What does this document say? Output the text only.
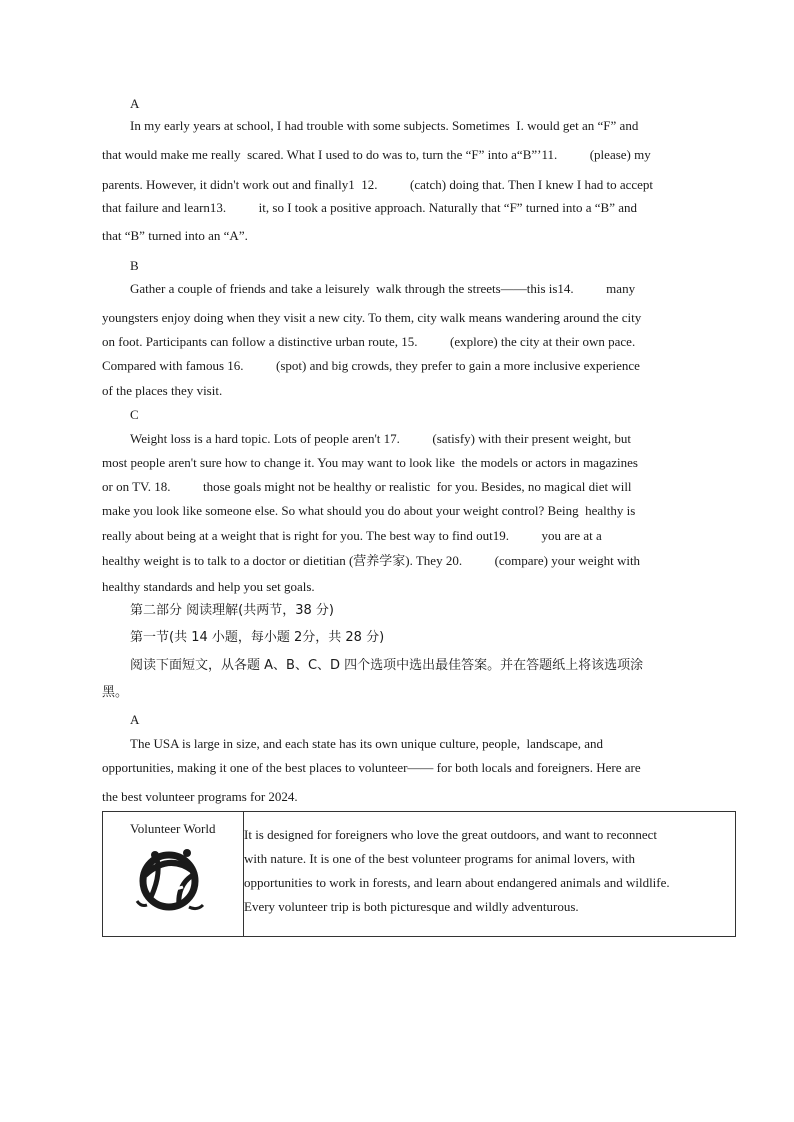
A
In my early years at school, I had trouble with some subjects. Sometimes  I. would get an “F” and
that would make me really  scared. What I used to do was to, turn the “F” into a“B”’11.          (please) my
parents. However, it didn't work out and finally1  12.          (catch) doing that. Then I knew I had to accept
that failure and learn13.          it, so I took a positive approach. Naturally that “F” turned into a “B” and
that “B” turned into an “A”.
B
Gather a couple of friends and take a leisurely  walk through the streets——this is14.          many
youngsters enjoy doing when they visit a new city. To them, city walk means wandering around the city
on foot. Participants can follow a distinctive urban route, 15.          (explore) the city at their own pace.
Compared with famous 16.          (spot) and big crowds, they prefer to gain a more inclusive experience
of the places they visit.
C
Weight loss is a hard topic. Lots of people aren't 17.          (satisfy) with their present weight, but
most people aren't sure how to change it. You may want to look like  the models or actors in magazines
or on TV. 18.          those goals might not be healthy or realistic  for you. Besides, no magical diet will
make you look like someone else. So what should you do about your weight control? Being  healthy is
really about being at a weight that is right for you. The best way to find out19.          you are at a
healthy weight is to talk to a doctor or dietitian (营养学家). They 20.          (compare) your weight with
healthy standards and help you set goals.
第二部分 阅读理解(共两节，38 分)
第一节(共 14 小题，每小题 2分，共 28 分)
阅读下面短文，从各题 A、B、C、D 四个选项中选出最佳答案。并在答题纸上将该选项涂
黑。
A
The USA is large in size, and each state has its own unique culture, people,  landscape, and
opportunities, making it one of the best places to volunteer—— for both locals and foreigners. Here are
the best volunteer programs for 2024.
Volunteer World	It is designed for foreigners who love the great outdoors, and want to reconnect
with nature. It is one of the best volunteer programs for animal lovers, with
opportunities to work in forests, and learn about endangered animals and wildlife.
Every volunteer trip is both picturesque and wildly adventurous.
